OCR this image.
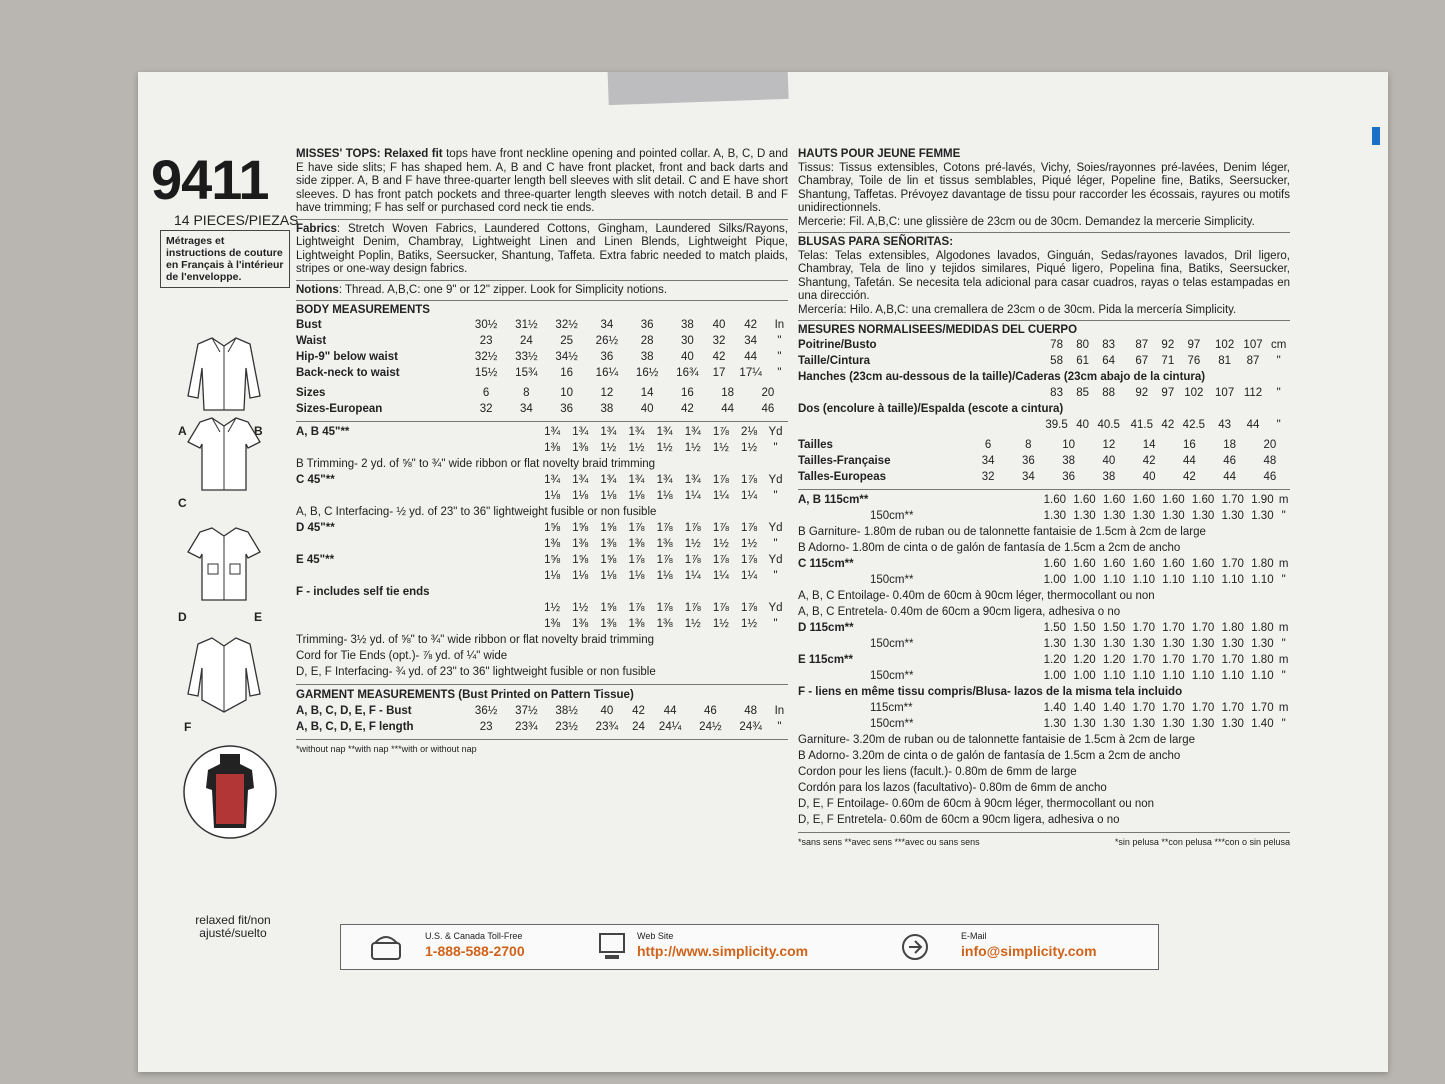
9411
14 PIECES/PIEZAS
Métrages et instructions de couture en Français à l'intérieur de l'enveloppe.
A	B
C
D	E
F
relaxed fit/non ajusté/suelto

MISSES' TOPS: Relaxed fit tops have front neckline opening and pointed collar. A, B, C, D and E have side slits; F has shaped hem. A, B and C have front placket, front and back darts and side zipper. A, B and F have three-quarter length bell sleeves with slit detail. C and E have short sleeves. D has front patch pockets and three-quarter length sleeves with notch detail. B and F have trimming; F has self or purchased cord neck tie ends.

Fabrics: Stretch Woven Fabrics, Laundered Cottons, Gingham, Laundered Silks/Rayons, Lightweight Denim, Chambray, Lightweight Linen and Linen Blends, Lightweight Pique, Lightweight Poplin, Batiks, Seersucker, Shantung, Taffeta. Extra fabric needed to match plaids, stripes or one-way design fabrics.

Notions: Thread. A,B,C: one 9" or 12" zipper. Look for Simplicity notions.

BODY MEASUREMENTS
Bust	30½	31½	32½	34	36	38	40	42	In
Waist	23	24	25	26½	28	30	32	34	"
Hip-9" below waist	32½	33½	34½	36	38	40	42	44	"
Back-neck to waist	15½	15¾	16	16¼	16½	16¾	17	17¼	"
Sizes	6	8	10	12	14	16	18	20	
Sizes-European	32	34	36	38	40	42	44	46	
A, B 45"**	1¾	1¾	1¾	1¾	1¾	1¾	1⅞	2⅛	Yd
	1⅜	1⅜	1½	1½	1½	1½	1½	1½	"
B Trimming- 2 yd. of ⅝" to ¾" wide ribbon or flat novelty braid trimming									
C 45"**	1¾	1¾	1¾	1¾	1¾	1¾	1⅞	1⅞	Yd
	1⅛	1⅛	1⅛	1⅛	1⅛	1¼	1¼	1¼	"
A, B, C Interfacing- ½ yd. of 23" to 36" lightweight fusible or non fusible									
D 45"**	1⅝	1⅝	1⅝	1⅞	1⅞	1⅞	1⅞	1⅞	Yd
	1⅜	1⅜	1⅜	1⅜	1⅜	1½	1½	1½	"
E 45"**	1⅝	1⅝	1⅝	1⅞	1⅞	1⅞	1⅞	1⅞	Yd
	1⅛	1⅛	1⅛	1⅛	1⅛	1¼	1¼	1¼	"
F - includes self tie ends									
	1½	1½	1⅝	1⅞	1⅞	1⅞	1⅞	1⅞	Yd
	1⅜	1⅜	1⅜	1⅜	1⅜	1½	1½	1½	"
Trimming- 3½ yd. of ⅝" to ¾" wide ribbon or flat novelty braid trimming									
Cord for Tie Ends (opt.)- ⅞ yd. of ¼" wide									
D, E, F Interfacing- ¾ yd. of 23" to 36" lightweight fusible or non fusible									
GARMENT MEASUREMENTS (Bust Printed on Pattern Tissue)									
A, B, C, D, E, F - Bust	36½	37½	38½	40	42	44	46	48	In
A, B, C, D, E, F length	23	23¾	23½	23¾	24	24¼	24½	24¾	"
*without nap **with nap ***with or without nap

HAUTS POUR JEUNE FEMME

Tissus: Tissus extensibles, Cotons pré-lavés, Vichy, Soies/rayonnes pré-lavées, Denim léger, Chambray, Toile de lin et tissus semblables, Piqué léger, Popeline fine, Batiks, Seersucker, Shantung, Taffetas. Prévoyez davantage de tissu pour raccorder les écossais, rayures ou motifs unidirectionnels.

Mercerie: Fil. A,B,C: une glissière de 23cm ou de 30cm. Demandez la mercerie Simplicity.

BLUSAS PARA SEÑORITAS:

Telas: Telas extensibles, Algodones lavados, Ginguán, Sedas/rayones lavados, Dril ligero, Chambray, Tela de lino y tejidos similares, Piqué ligero, Popelina fina, Batiks, Seersucker, Shantung, Tafetán. Se necesita tela adicional para casar cuadros, rayas o telas estampadas en una dirección.

Mercería: Hilo. A,B,C: una cremallera de 23cm o de 30cm. Pida la mercería Simplicity.

MESURES NORMALISEES/MEDIDAS DEL CUERPO
Poitrine/Busto	78	80	83	87	92	97	102	107	cm
Taille/Cintura	58	61	64	67	71	76	81	87	"
Hanches (23cm au-dessous de la taille)/Caderas (23cm abajo de la cintura)									
	83	85	88	92	97	102	107	112	"
Dos (encolure à taille)/Espalda (escote a cintura)									
	39.5	40	40.5	41.5	42	42.5	43	44	"
Tailles	6	8	10	12	14	16	18	20	
Tailles-Française	34	36	38	40	42	44	46	48	
Talles-Europeas	32	34	36	38	40	42	44	46	
A, B 115cm**	1.60	1.60	1.60	1.60	1.60	1.60	1.70	1.90	m
150cm**	1.30	1.30	1.30	1.30	1.30	1.30	1.30	1.30	"
B Garniture- 1.80m de ruban ou de talonnette fantaisie de 1.5cm à 2cm de large									
B Adorno- 1.80m de cinta o de galón de fantasía de 1.5cm a 2cm de ancho									
C 115cm**	1.60	1.60	1.60	1.60	1.60	1.60	1.70	1.80	m
150cm**	1.00	1.00	1.10	1.10	1.10	1.10	1.10	1.10	"
A, B, C Entoilage- 0.40m de 60cm à 90cm léger, thermocollant ou non									
A, B, C Entretela- 0.40m de 60cm a 90cm ligera, adhesiva o no									
D 115cm**	1.50	1.50	1.50	1.70	1.70	1.70	1.80	1.80	m
150cm**	1.30	1.30	1.30	1.30	1.30	1.30	1.30	1.30	"
E 115cm**	1.20	1.20	1.20	1.70	1.70	1.70	1.70	1.80	m
150cm**	1.00	1.00	1.10	1.10	1.10	1.10	1.10	1.10	"
F - liens en même tissu compris/Blusa- lazos de la misma tela incluido									
115cm**	1.40	1.40	1.40	1.70	1.70	1.70	1.70	1.70	m
150cm**	1.30	1.30	1.30	1.30	1.30	1.30	1.30	1.40	"
Garniture- 3.20m de ruban ou de talonnette fantaisie de 1.5cm à 2cm de large									
B Adorno- 3.20m de cinta o de galón de fantasía de 1.5cm a 2cm de ancho									
Cordon pour les liens (facult.)- 0.80m de 6mm de large									
Cordón para los lazos (facultativo)- 0.80m de 6mm de ancho									
D, E, F Entoilage- 0.60m de 60cm à 90cm léger, thermocollant ou non									
D, E, F Entretela- 0.60m de 60cm a 90cm ligera, adhesiva o no									
*sans sens **avec sens ***avec ou sans sens	*sin pelusa **con pelusa ***con o sin pelusa
U.S. & Canada Toll-Free
1-888-588-2700
Web Site
http://www.simplicity.com
E-Mail
info@simplicity.com
